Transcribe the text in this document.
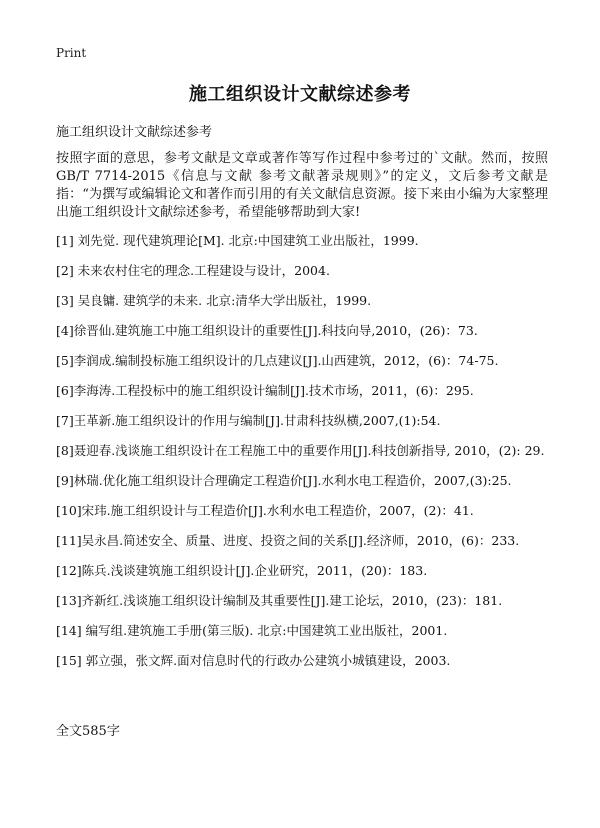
Print
施工组织设计文献综述参考
施工组织设计文献综述参考
按照字面的意思，参考文献是文章或著作等写作过程中参考过的`文献。然而，按照GB/T 7714-2015《信息与文献 参考文献著录规则》”的定义，文后参考文献是指：“为撰写或编辑论文和著作而引用的有关文献信息资源。接下来由小编为大家整理出施工组织设计文献综述参考，希望能够帮助到大家!
[1] 刘先觉. 现代建筑理论[M]. 北京:中国建筑工业出版社，1999.
[2] 未来农村住宅的理念.工程建设与设计，2004.
[3] 吴良镛. 建筑学的未来. 北京:清华大学出版社，1999.
[4]徐晋仙.建筑施工中施工组织设计的重要性[J].科技向导,2010，(26)：73.
[5]李润成.编制投标施工组织设计的几点建议[J].山西建筑，2012，(6)：74-75.
[6]李海涛.工程投标中的施工组织设计编制[J].技术市场，2011，(6)：295.
[7]王革新.施工组织设计的作用与编制[J].甘肃科技纵横,2007,(1):54.
[8]聂迎春.浅谈施工组织设计在工程施工中的重要作用[J].科技创新指导, 2010，(2): 29.
[9]林瑞.优化施工组织设计合理确定工程造价[J].水利水电工程造价，2007,(3):25.
[10]宋玮.施工组织设计与工程造价[J].水利水电工程造价，2007，(2)：41.
[11]吴永昌.简述安全、质量、进度、投资之间的关系[J].经济师，2010，(6)：233.
[12]陈兵.浅谈建筑施工组织设计[J].企业研究，2011，(20)：183.
[13]齐新红.浅谈施工组织设计编制及其重要性[J].建工论坛，2010，(23)：181.
[14] 编写组.建筑施工手册(第三版). 北京:中国建筑工业出版社，2001.
[15] 郭立强，张文辉.面对信息时代的行政办公建筑小城镇建设，2003.
全文585字
